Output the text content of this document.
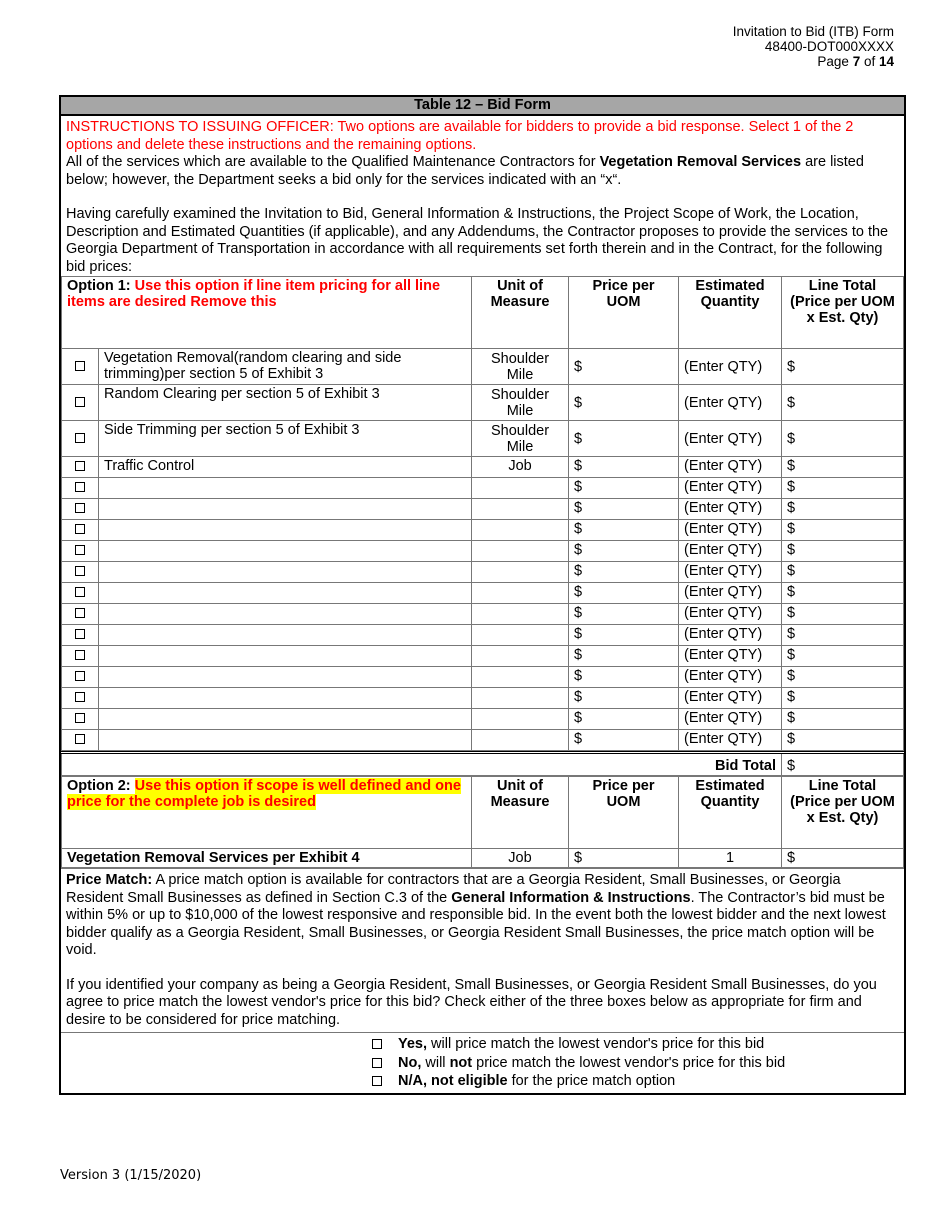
Invitation to Bid (ITB) Form
48400-DOT000XXXX
Page 7 of 14
Table 12 – Bid Form
INSTRUCTIONS TO ISSUING OFFICER: Two options are available for bidders to provide a bid response. Select 1 of the 2 options and delete these instructions and the remaining options.
All of the services which are available to the Qualified Maintenance Contractors for Vegetation Removal Services are listed below; however, the Department seeks a bid only for the services indicated with an “x“.
Having carefully examined the Invitation to Bid, General Information & Instructions, the Project Scope of Work, the Location, Description and Estimated Quantities (if applicable), and any Addendums, the Contractor proposes to provide the services to the Georgia Department of Transportation in accordance with all requirements set forth therein and in the Contract, for the following bid prices:
Option 1: Use this option if line item pricing for all line items are desired Remove this		Unit of Measure	Price per UOM	Estimated Quantity	Line Total (Price per UOM x Est. Qty)
	Vegetation Removal(random clearing and side trimming)per section 5 of Exhibit 3	Shoulder Mile	$	(Enter QTY)	$
	Random Clearing per section 5 of Exhibit 3	Shoulder Mile	$	(Enter QTY)	$
	Side Trimming per section 5 of Exhibit 3	Shoulder Mile	$	(Enter QTY)	$
	Traffic Control	Job	$	(Enter QTY)	$
			$	(Enter QTY)	$
			$	(Enter QTY)	$
			$	(Enter QTY)	$
			$	(Enter QTY)	$
			$	(Enter QTY)	$
			$	(Enter QTY)	$
			$	(Enter QTY)	$
			$	(Enter QTY)	$
			$	(Enter QTY)	$
			$	(Enter QTY)	$
			$	(Enter QTY)	$
			$	(Enter QTY)	$
			$	(Enter QTY)	$
Bid Total	$
Option 2: Use this option if scope is well defined and one price for the complete job is desired	Unit of Measure	Price per UOM	Estimated Quantity	Line Total (Price per UOM x Est. Qty)
Vegetation Removal Services per Exhibit 4	Job	$	1	$
Price Match: A price match option is available for contractors that are a Georgia Resident, Small Businesses, or Georgia Resident Small Businesses as defined in Section C.3 of the General Information & Instructions. The Contractor’s bid must be within 5% or up to $10,000 of the lowest responsive and responsible bid. In the event both the lowest bidder and the next lowest bidder qualify as a Georgia Resident, Small Businesses, or Georgia Resident Small Businesses, the price match option will be void.
If you identified your company as being a Georgia Resident, Small Businesses, or Georgia Resident Small Businesses, do you agree to price match the lowest vendor's price for this bid? Check either of the three boxes below as appropriate for firm and desire to be considered for price matching.
Yes, will price match the lowest vendor's price for this bid
No, will not price match the lowest vendor's price for this bid
N/A, not eligible for the price match option
Version 3 (1/15/2020)
